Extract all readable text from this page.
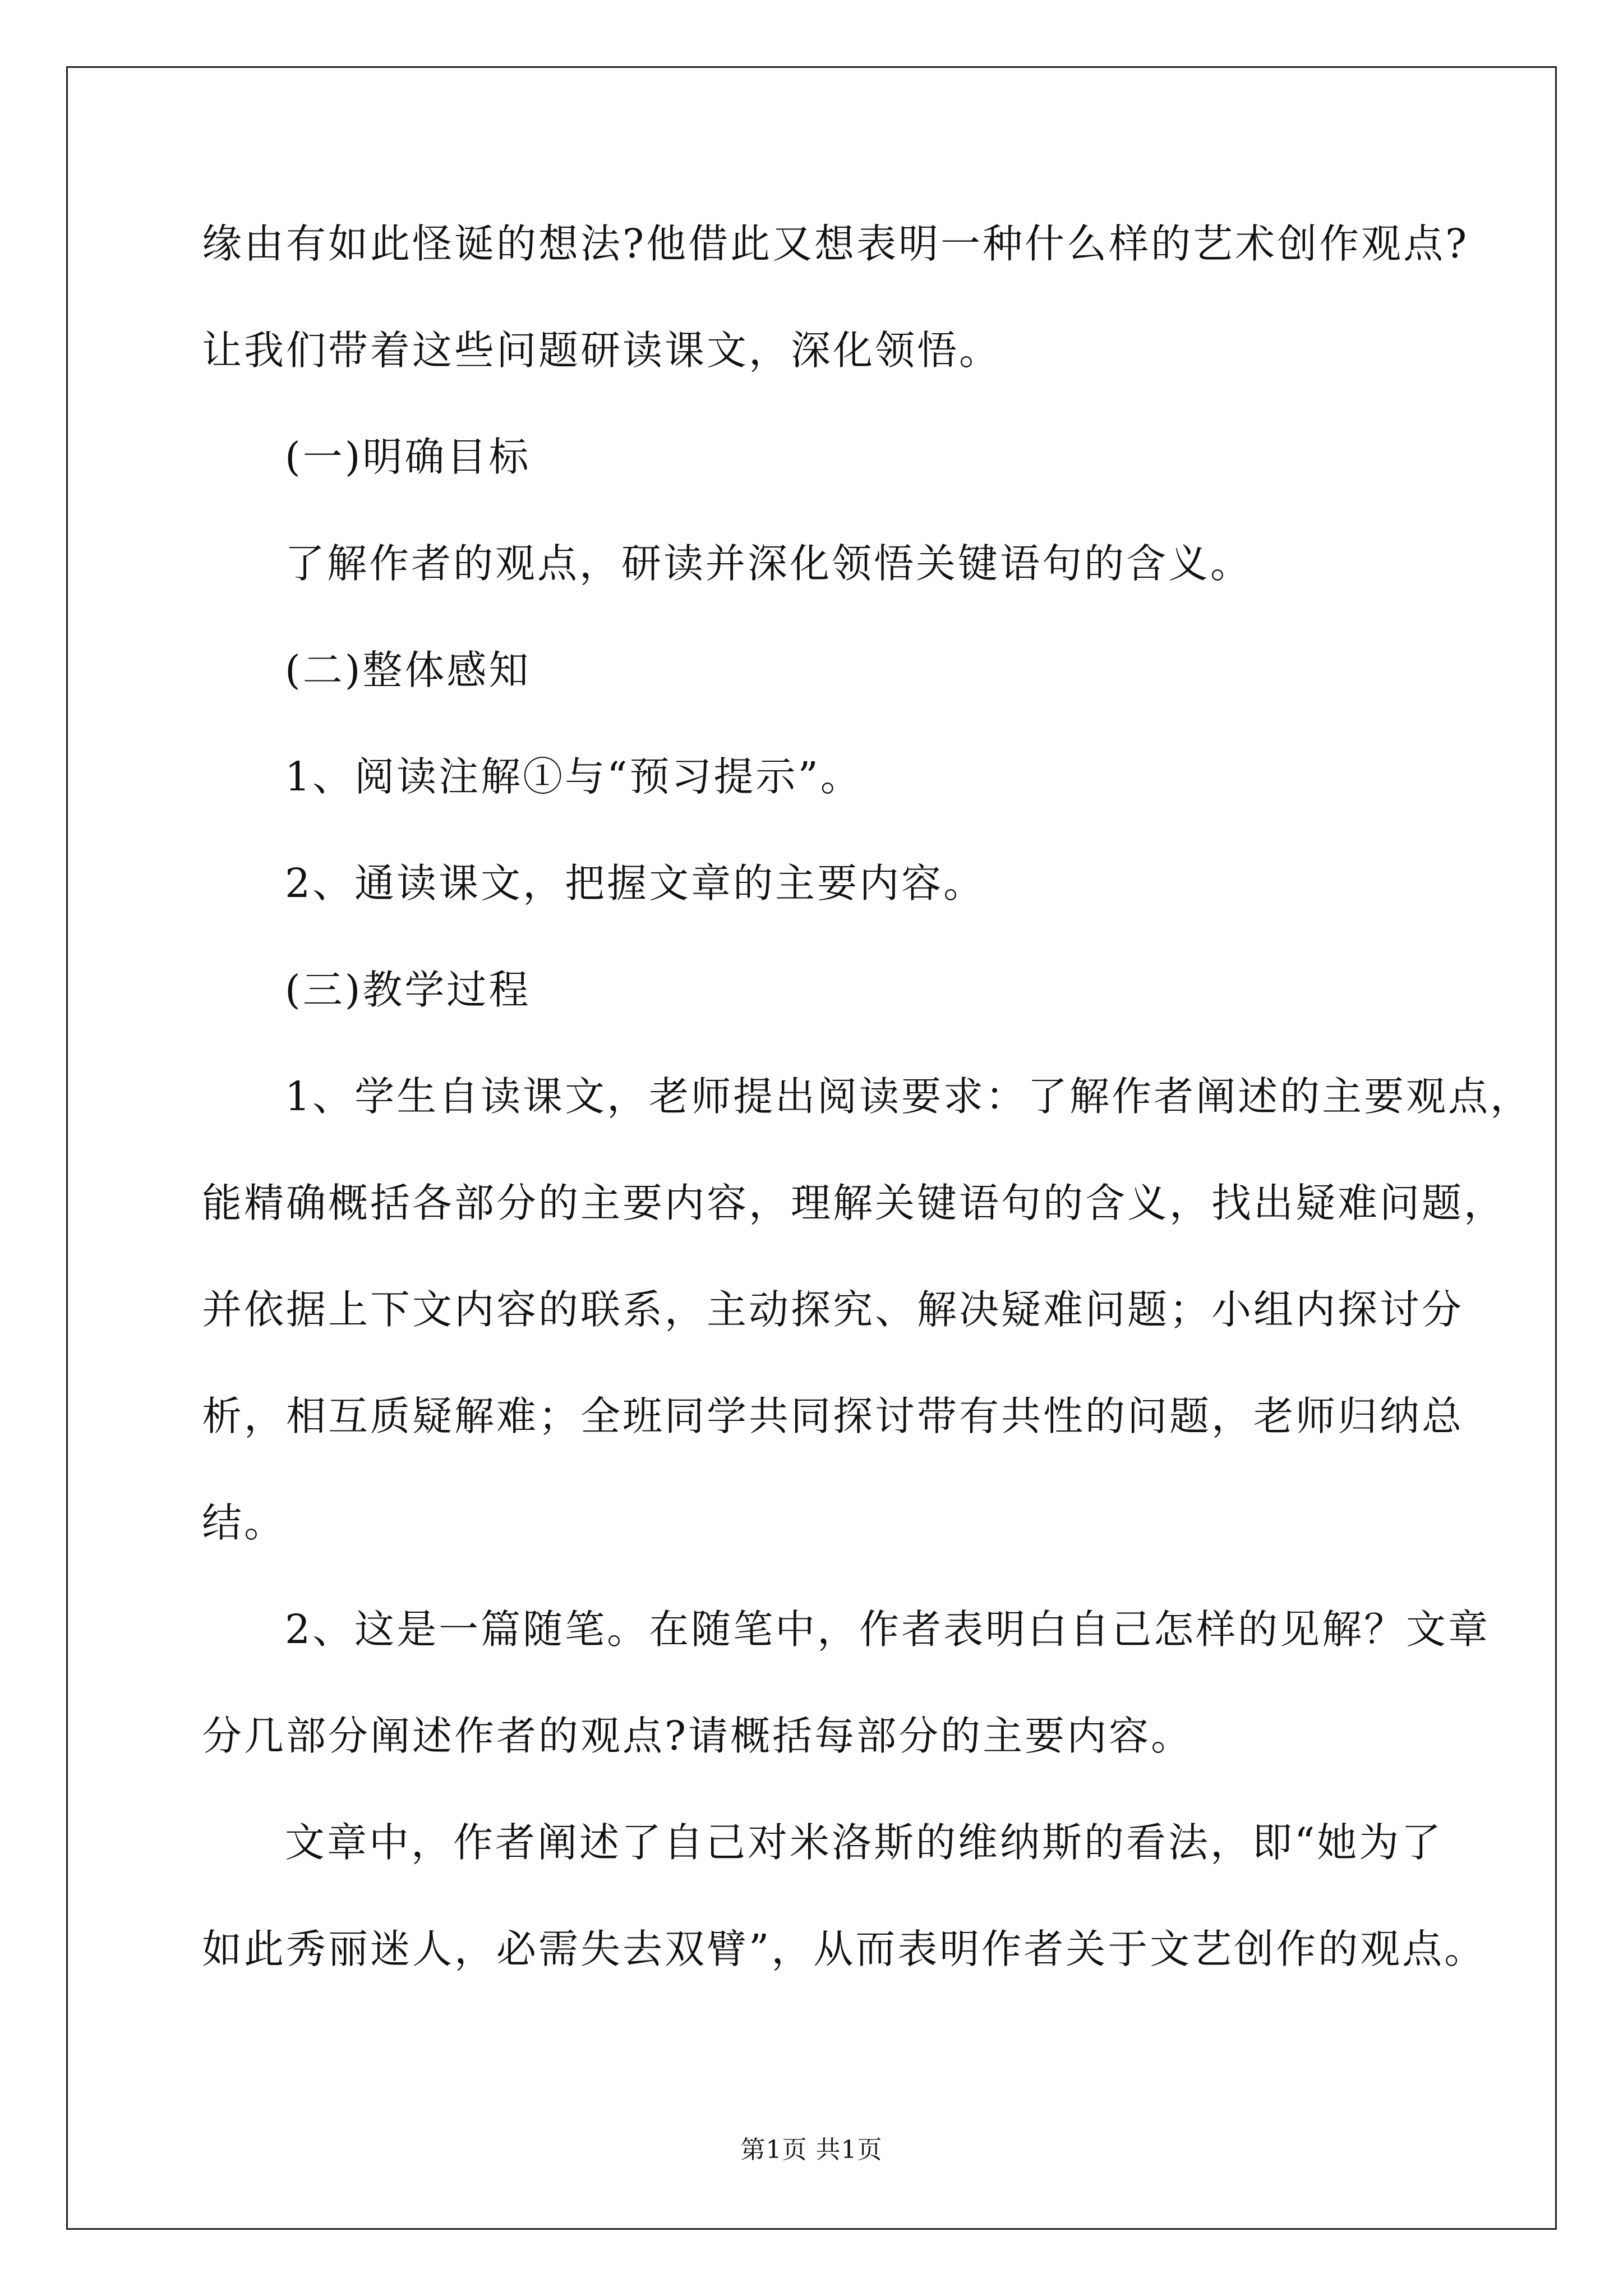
缘由有如此怪诞的想法?他借此又想表明一种什么样的艺术创作观点?
让我们带着这些问题研读课文，深化领悟。
(一)明确目标
了解作者的观点，研读并深化领悟关键语句的含义。
(二)整体感知
1、阅读注解①与“预习提示”。
2、通读课文，把握文章的主要内容。
(三)教学过程
1、学生自读课文，老师提出阅读要求：了解作者阐述的主要观点，
能精确概括各部分的主要内容，理解关键语句的含义，找出疑难问题，
并依据上下文内容的联系，主动探究、解决疑难问题；小组内探讨分
析，相互质疑解难；全班同学共同探讨带有共性的问题，老师归纳总
结。
2、这是一篇随笔。在随笔中，作者表明白自己怎样的见解？文章
分几部分阐述作者的观点?请概括每部分的主要内容。
文章中，作者阐述了自己对米洛斯的维纳斯的看法，即“她为了
如此秀丽迷人，必需失去双臂”，从而表明作者关于文艺创作的观点。
第1页 共1页
